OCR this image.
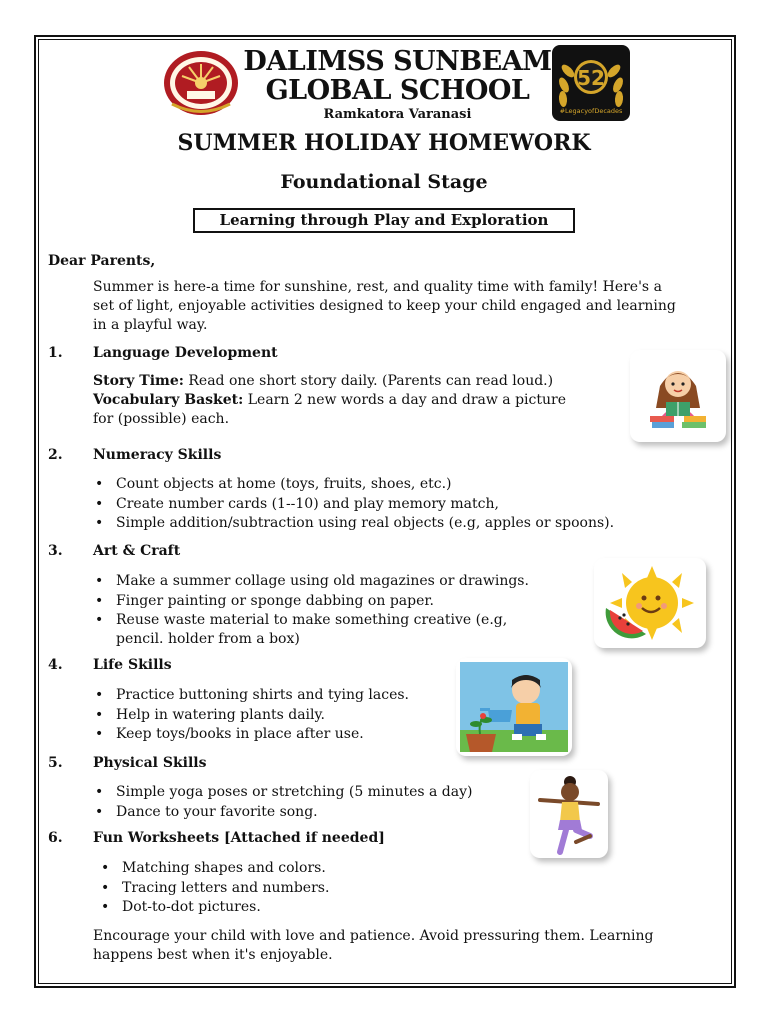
DALIMSS SUNBEAM
GLOBAL SCHOOL
Ramkatora Varanasi
52
#LegacyofDecades
SUMMER HOLIDAY HOMEWORK
Foundational Stage
Learning through Play and Exploration
Dear Parents,
Summer is here-a time for sunshine, rest, and quality time with family! Here's a
set of light, enjoyable activities designed to keep your child engaged and learning
in a playful way.
1. Language Development
Story Time: Read one short story daily. (Parents can read loud.)
Vocabulary Basket: Learn 2 new words a day and draw a picture
for (possible) each.
2. Numeracy Skills
• Count objects at home (toys, fruits, shoes, etc.)
• Create number cards (1--10) and play memory match,
• Simple addition/subtraction using real objects (e.g, apples or spoons).
3. Art & Craft
• Make a summer collage using old magazines or drawings.
• Finger painting or sponge dabbing on paper.
• Reuse waste material to make something creative (e.g,
pencil. holder from a box)
4. Life Skills
• Practice buttoning shirts and tying laces.
• Help in watering plants daily.
• Keep toys/books in place after use.
5. Physical Skills
• Simple yoga poses or stretching (5 minutes a day)
• Dance to your favorite song.
6. Fun Worksheets [Attached if needed]
• Matching shapes and colors.
• Tracing letters and numbers.
• Dot-to-dot pictures.
Encourage your child with love and patience. Avoid pressuring them. Learning
happens best when it's enjoyable.
